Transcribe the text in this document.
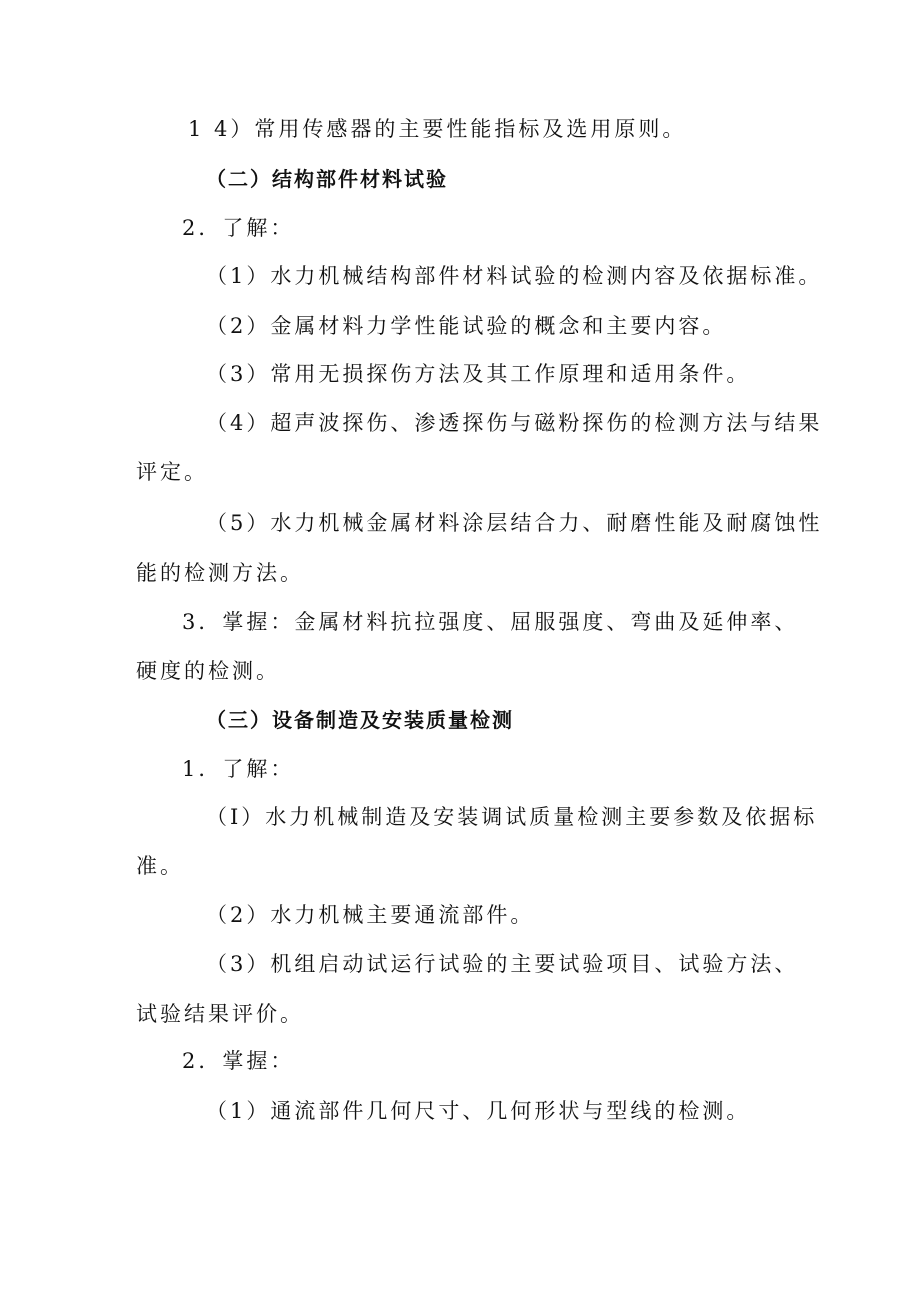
1 4）常用传感器的主要性能指标及选用原则。

（二）结构部件材料试验

2．了解：

（1）水力机械结构部件材料试验的检测内容及依据标准。

（2）金属材料力学性能试验的概念和主要内容。

（3）常用无损探伤方法及其工作原理和适用条件。

（4）超声波探伤、渗透探伤与磁粉探伤的检测方法与结果

评定。

（5）水力机械金属材料涂层结合力、耐磨性能及耐腐蚀性

能的检测方法。

3．掌握：金属材料抗拉强度、屈服强度、弯曲及延伸率、

硬度的检测。

（三）设备制造及安装质量检测

1．了解：

（I）水力机械制造及安装调试质量检测主要参数及依据标

准。

（2）水力机械主要通流部件。

（3）机组启动试运行试验的主要试验项目、试验方法、

试验结果评价。

2．掌握：

（1）通流部件几何尺寸、几何形状与型线的检测。
